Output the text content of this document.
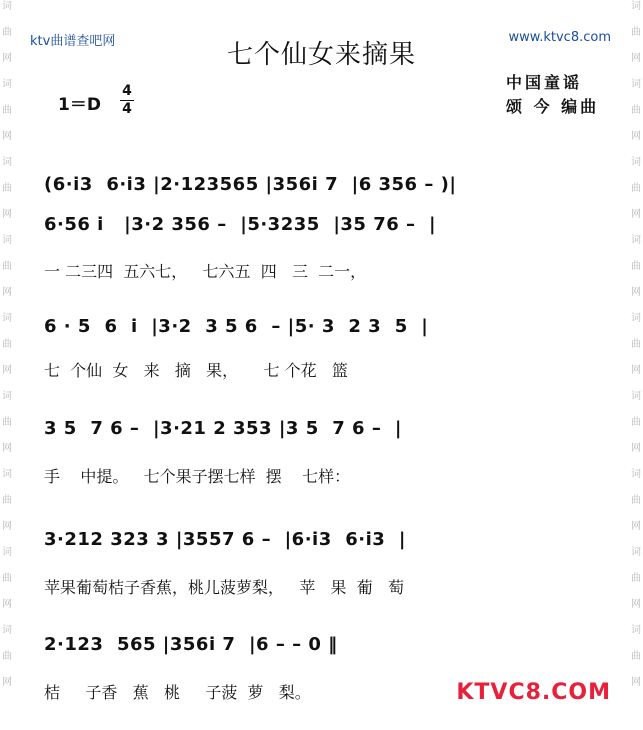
ktv曲谱查吧网	www.ktvc8.com
七个仙女来摘果
中国童谣
颂 今 编曲
1＝D
4
4
词
曲
网
词
曲
网
词
曲
网
词
曲
网
词
曲
网
词
曲
网
词
曲
网
词
曲
网
词
曲
网
词
曲
网
词
曲
网
词
曲
网
词
曲
网
词
曲
网
词
曲
网
词
曲
网
词
曲
网
词
曲
网
(6·i3  6·i3 |2·123565 |356i 7  |6 356 – )|
6·56 i   |3·2 356 –  |5·3235  |35 76 –  |
一 二三四  五六七，   七六五  四   三  二一，
6 · 5  6  i  |3·2  3 5 6  – |5· 3  2 3  5  |
七  个仙  女   来   摘   果，     七 个花   篮
3 5  7 6 –  |3·21 2 353 |3 5  7 6 –  |
手    中提。   七个果子摆七样  摆    七样：
3·212 323 3 |3557 6 –  |6·i3  6·i3  |
苹果葡萄桔子香蕉，桃儿菠萝梨，   苹   果  葡   萄
2·123  565 |356i 7  |6 – – 0 ‖
桔     子香   蕉   桃     子菠  萝   梨。	KTVC8.COM
